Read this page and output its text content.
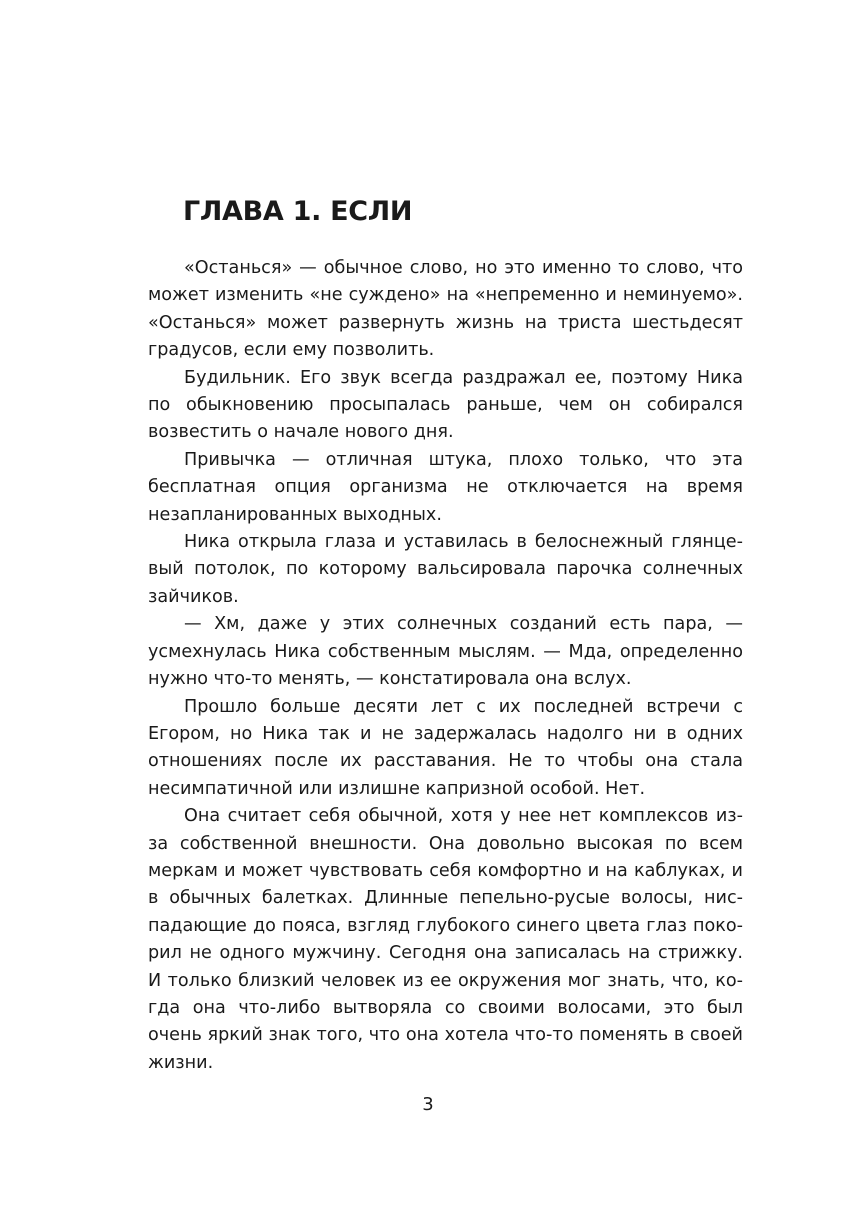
ГЛАВА 1. ЕСЛИ

«Останься» — обычное слово, но это именно то слово, что может изменить «не суждено» на «непременно и неминуемо». «Останься» может развернуть жизнь на триста шестьдесят градусов, если ему позволить.

Будильник. Его звук всегда раздражал ее, поэтому Ника по обыкновению просыпалась раньше, чем он собирался возвестить о начале нового дня.

Привычка — отличная штука, плохо только, что эта бесплатная опция организма не отключается на время незапланированных выходных.

Ника открыла глаза и уставилась в белоснежный глянцевый потолок, по которому вальсировала парочка солнечных зайчиков.

— Хм, даже у этих солнечных созданий есть пара, — усмехнулась Ника собственным мыслям. — Мда, определенно нужно что-то менять, — констатировала она вслух.

Прошло больше десяти лет с их последней встречи с Егором, но Ника так и не задержалась надолго ни в одних отношениях после их расставания. Не то чтобы она стала несимпатичной или излишне капризной особой. Нет.

Она считает себя обычной, хотя у нее нет комплексов из-за собственной внешности. Она довольно высокая по всем меркам и может чувствовать себя комфортно и на каблуках, и в обычных балетках. Длинные пепельно-русые волосы, ниспадающие до пояса, взгляд глубокого синего цвета глаз покорил не одного мужчину. Сегодня она записалась на стрижку. И только близкий человек из ее окружения мог знать, что, когда она что-либо вытворяла со своими волосами, это был очень яркий знак того, что она хотела что-то поменять в своей жизни.

3
